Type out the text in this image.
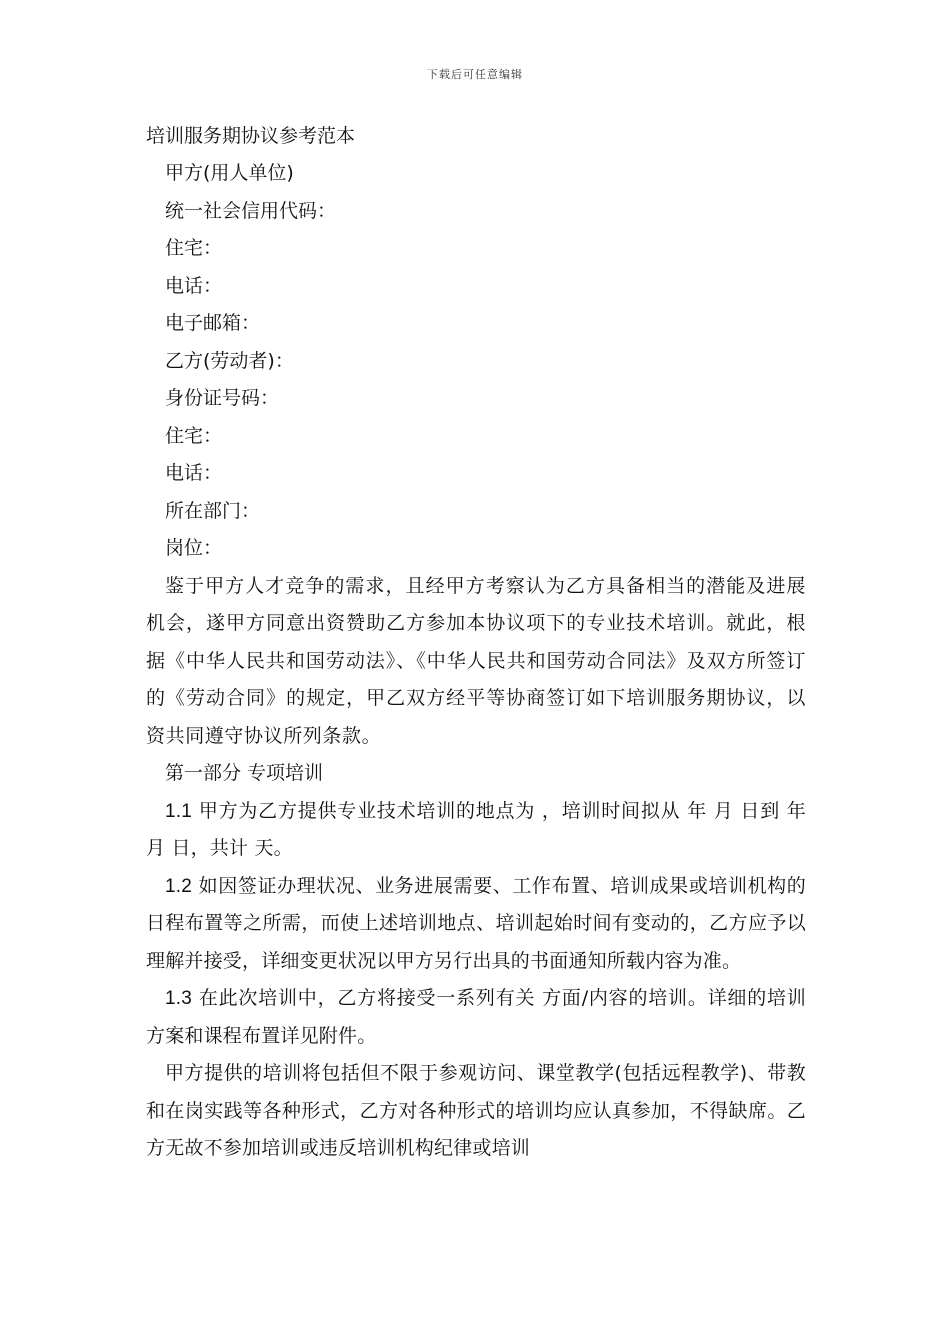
下载后可任意编辑
培训服务期协议参考范本
甲方(用人单位)
统一社会信用代码：
住宅：
电话：
电子邮箱：
乙方(劳动者)：
身份证号码：
住宅：
电话：
所在部门：
岗位：

鉴于甲方人才竞争的需求，且经甲方考察认为乙方具备相当的潜能及进展机会，遂甲方同意出资赞助乙方参加本协议项下的专业技术培训。就此，根据《中华人民共和国劳动法》、《中华人民共和国劳动合同法》及双方所签订的《劳动合同》的规定，甲乙双方经平等协商签订如下培训服务期协议，以资共同遵守协议所列条款。

第一部分 专项培训

1.1 甲方为乙方提供专业技术培训的地点为 ，培训时间拟从 年 月 日到 年 月 日，共计 天。

1.2 如因签证办理状况、业务进展需要、工作布置、培训成果或培训机构的日程布置等之所需，而使上述培训地点、培训起始时间有变动的，乙方应予以理解并接受，详细变更状况以甲方另行出具的书面通知所载内容为准。

1.3 在此次培训中，乙方将接受一系列有关 方面/内容的培训。详细的培训方案和课程布置详见附件。

甲方提供的培训将包括但不限于参观访问、课堂教学(包括远程教学)、带教和在岗实践等各种形式，乙方对各种形式的培训均应认真参加，不得缺席。乙方无故不参加培训或违反培训机构纪律或培训
